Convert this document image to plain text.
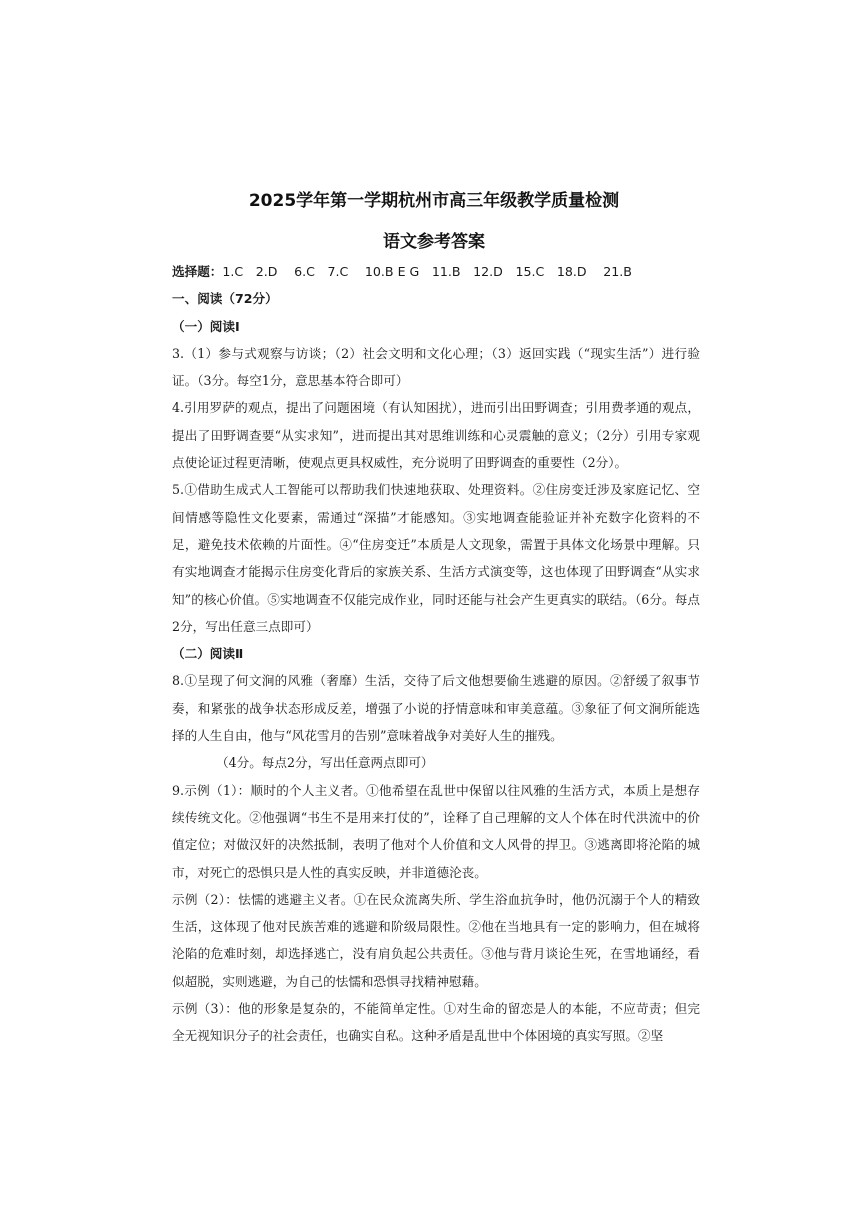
2025学年第一学期杭州市高三年级教学质量检测
语文参考答案

选择题：1.C　2.D　 6.C　7.C　 10.B E G　11.B　12.D　15.C　18.D　 21.B

一、阅读（72分）

（一）阅读Ⅰ

3.（1）参与式观察与访谈；（2）社会文明和文化心理；（3）返回实践（“现实生活”）进行验证。（3分。每空1分，意思基本符合即可）

4.引用罗萨的观点，提出了问题困境（有认知困扰），进而引出田野调查；引用费孝通的观点，提出了田野调查要“从实求知”，进而提出其对思维训练和心灵震触的意义；（2分）引用专家观点使论证过程更清晰，使观点更具权威性，充分说明了田野调查的重要性（2分）。

5.①借助生成式人工智能可以帮助我们快速地获取、处理资料。②住房变迁涉及家庭记忆、空间情感等隐性文化要素，需通过“深描”才能感知。③实地调查能验证并补充数字化资料的不足，避免技术依赖的片面性。④“住房变迁”本质是人文现象，需置于具体文化场景中理解。只有实地调查才能揭示住房变化背后的家族关系、生活方式演变等，这也体现了田野调查“从实求知”的核心价值。⑤实地调查不仅能完成作业，同时还能与社会产生更真实的联结。（6分。每点2分，写出任意三点即可）

（二）阅读Ⅱ

8.①呈现了何文涧的风雅（奢靡）生活，交待了后文他想要偷生逃避的原因。②舒缓了叙事节奏，和紧张的战争状态形成反差，增强了小说的抒情意味和审美意蕴。③象征了何文涧所能选择的人生自由，他与“风花雪月的告别”意味着战争对美好人生的摧残。

（4分。每点2分，写出任意两点即可）

9.示例（1）：顺时的个人主义者。①他希望在乱世中保留以往风雅的生活方式，本质上是想存续传统文化。②他强调“书生不是用来打仗的”，诠释了自己理解的文人个体在时代洪流中的价值定位；对做汉奸的决然抵制，表明了他对个人价值和文人风骨的捍卫。③逃离即将沦陷的城市，对死亡的恐惧只是人性的真实反映，并非道德沦丧。

示例（2）：怯懦的逃避主义者。①在民众流离失所、学生浴血抗争时，他仍沉溺于个人的精致生活，这体现了他对民族苦难的逃避和阶级局限性。②他在当地具有一定的影响力，但在城将沦陷的危难时刻，却选择逃亡，没有肩负起公共责任。③他与背月谈论生死，在雪地诵经，看似超脱，实则逃避，为自己的怯懦和恐惧寻找精神慰藉。

示例（3）：他的形象是复杂的，不能简单定性。①对生命的留恋是人的本能，不应苛责；但完全无视知识分子的社会责任，也确实自私。这种矛盾是乱世中个体困境的真实写照。②坚
